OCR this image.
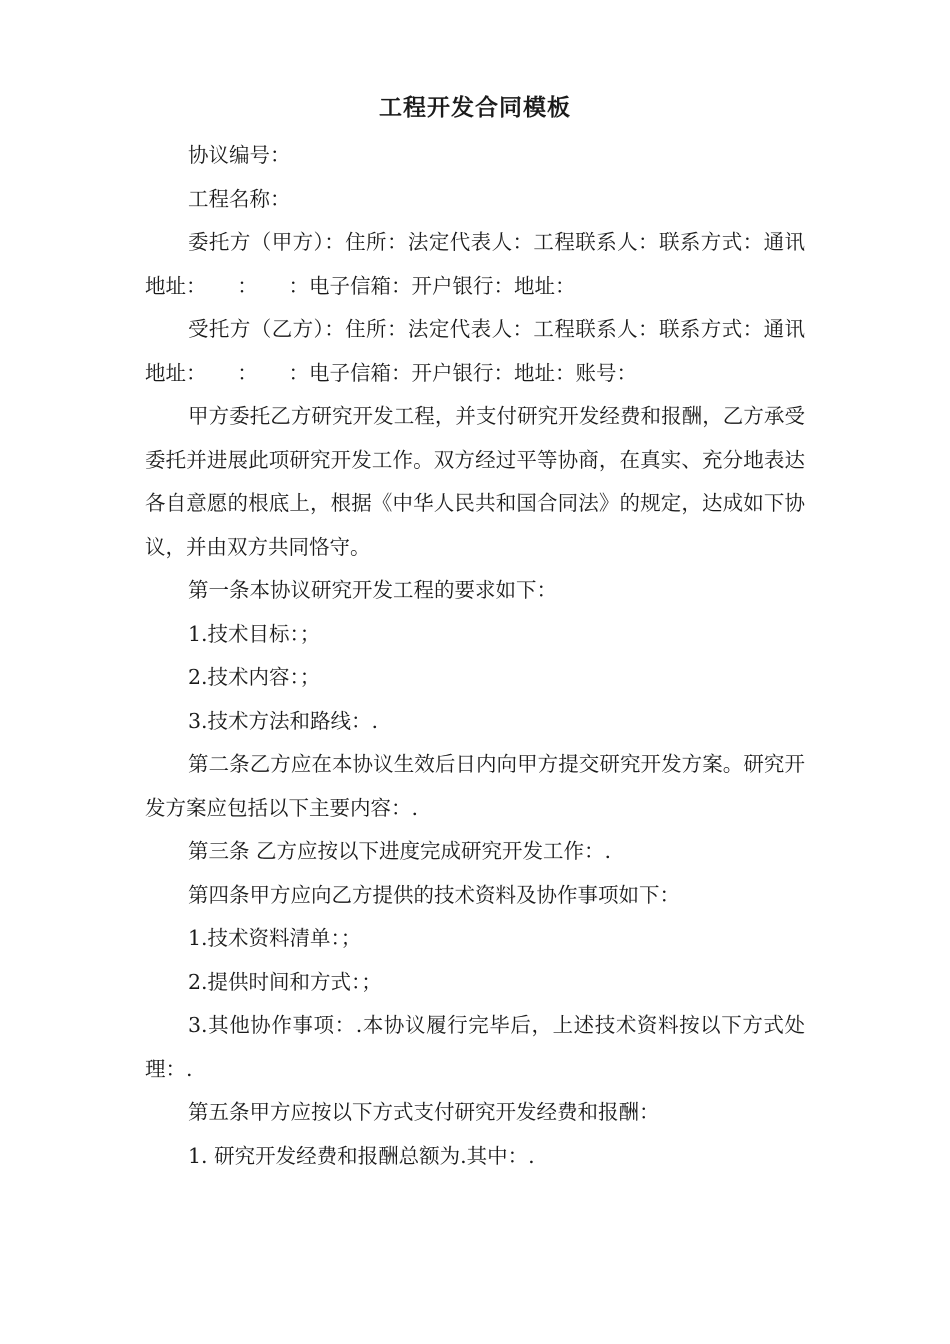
工程开发合同模板

协议编号：

工程名称：

委托方（甲方）：住所：法定代表人：工程联系人：联系方式：通讯地址：　　：　　：电子信箱：开户银行：地址：

受托方（乙方）：住所：法定代表人：工程联系人：联系方式：通讯地址：　　：　　：电子信箱：开户银行：地址：账号：

甲方委托乙方研究开发工程，并支付研究开发经费和报酬，乙方承受委托并进展此项研究开发工作。双方经过平等协商，在真实、充分地表达各自意愿的根底上，根据《中华人民共和国合同法》的规定，达成如下协议，并由双方共同恪守。

第一条本协议研究开发工程的要求如下：

1.技术目标：；

2.技术内容：；

3.技术方法和路线：.

第二条乙方应在本协议生效后日内向甲方提交研究开发方案。研究开发方案应包括以下主要内容：.

第三条 乙方应按以下进度完成研究开发工作：.

第四条甲方应向乙方提供的技术资料及协作事项如下：

1.技术资料清单：；

2.提供时间和方式：；

3.其他协作事项：.本协议履行完毕后，上述技术资料按以下方式处理：.

第五条甲方应按以下方式支付研究开发经费和报酬：

1. 研究开发经费和报酬总额为.其中：.
